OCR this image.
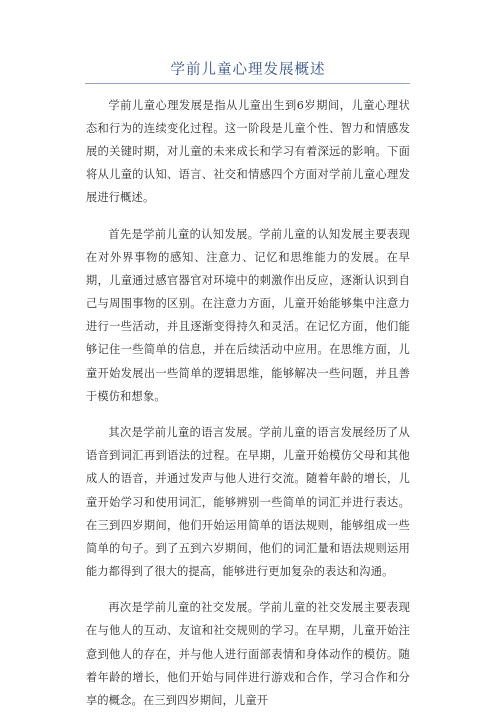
学前儿童心理发展概述

学前儿童心理发展是指从儿童出生到6岁期间，儿童心理状态和行为的连续变化过程。这一阶段是儿童个性、智力和情感发展的关键时期，对儿童的未来成长和学习有着深远的影响。下面将从儿童的认知、语言、社交和情感四个方面对学前儿童心理发展进行概述。

首先是学前儿童的认知发展。学前儿童的认知发展主要表现在对外界事物的感知、注意力、记忆和思维能力的发展。在早期，儿童通过感官器官对环境中的刺激作出反应，逐渐认识到自己与周围事物的区别。在注意力方面，儿童开始能够集中注意力进行一些活动，并且逐渐变得持久和灵活。在记忆方面，他们能够记住一些简单的信息，并在后续活动中应用。在思维方面，儿童开始发展出一些简单的逻辑思维，能够解决一些问题，并且善于模仿和想象。

其次是学前儿童的语言发展。学前儿童的语言发展经历了从语音到词汇再到语法的过程。在早期，儿童开始模仿父母和其他成人的语音，并通过发声与他人进行交流。随着年龄的增长，儿童开始学习和使用词汇，能够辨别一些简单的词汇并进行表达。在三到四岁期间，他们开始运用简单的语法规则，能够组成一些简单的句子。到了五到六岁期间，他们的词汇量和语法规则运用能力都得到了很大的提高，能够进行更加复杂的表达和沟通。

再次是学前儿童的社交发展。学前儿童的社交发展主要表现在与他人的互动、友谊和社交规则的学习。在早期，儿童开始注意到他人的存在，并与他人进行面部表情和身体动作的模仿。随着年龄的增长，他们开始与同伴进行游戏和合作，学习合作和分享的概念。在三到四岁期间，儿童开
